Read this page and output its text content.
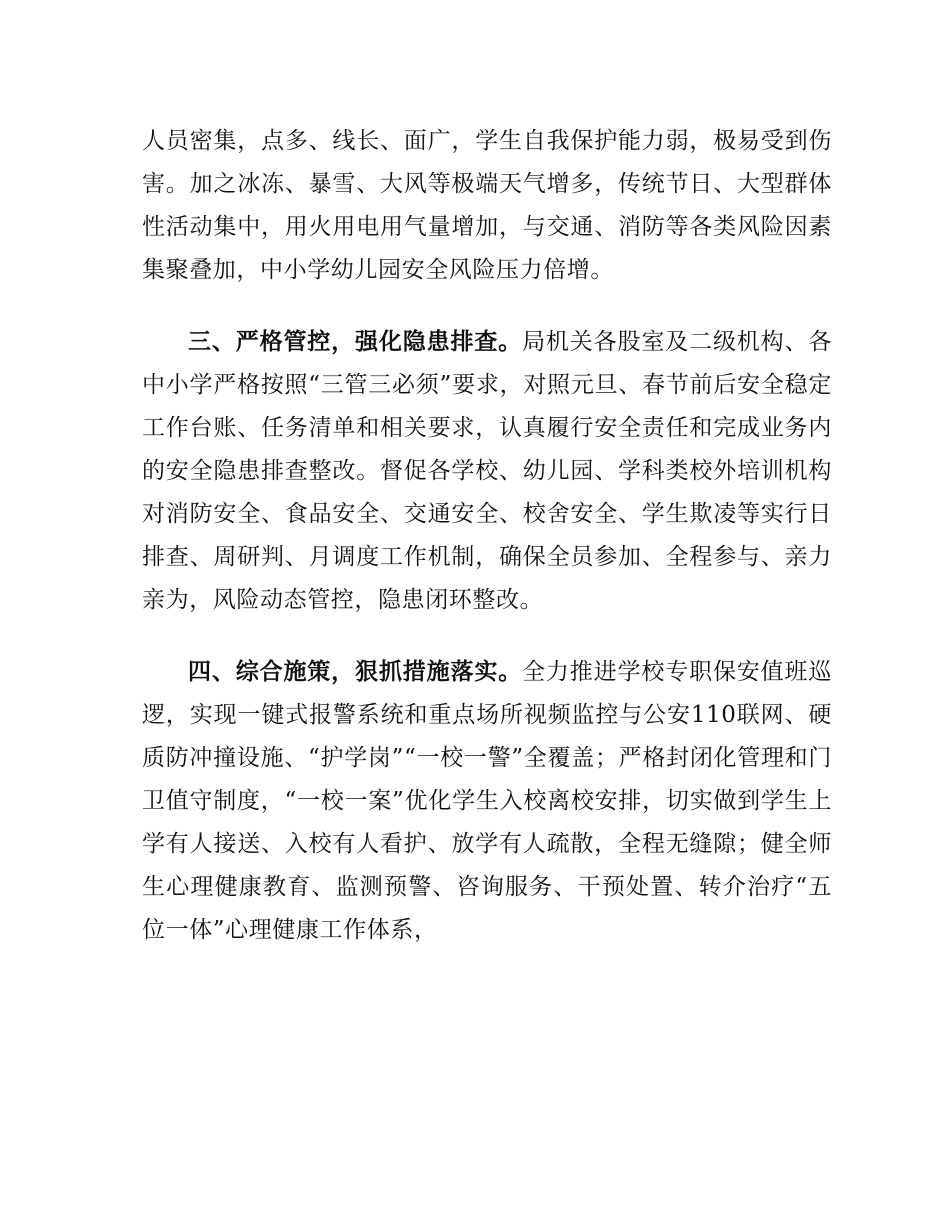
人员密集，点多、线长、面广，学生自我保护能力弱，极易受到伤害。加之冰冻、暴雪、大风等极端天气增多，传统节日、大型群体性活动集中，用火用电用气量增加，与交通、消防等各类风险因素集聚叠加，中小学幼儿园安全风险压力倍增。

三、严格管控，强化隐患排查。局机关各股室及二级机构、各中小学严格按照“三管三必须”要求，对照元旦、春节前后安全稳定工作台账、任务清单和相关要求，认真履行安全责任和完成业务内的安全隐患排查整改。督促各学校、幼儿园、学科类校外培训机构对消防安全、食品安全、交通安全、校舍安全、学生欺凌等实行日排查、周研判、月调度工作机制，确保全员参加、全程参与、亲力亲为，风险动态管控，隐患闭环整改。

四、综合施策，狠抓措施落实。全力推进学校专职保安值班巡逻，实现一键式报警系统和重点场所视频监控与公安110联网、硬质防冲撞设施、“护学岗”“一校一警”全覆盖；严格封闭化管理和门卫值守制度，“一校一案”优化学生入校离校安排，切实做到学生上学有人接送、入校有人看护、放学有人疏散，全程无缝隙；健全师生心理健康教育、监测预警、咨询服务、干预处置、转介治疗“五位一体”心理健康工作体系，
